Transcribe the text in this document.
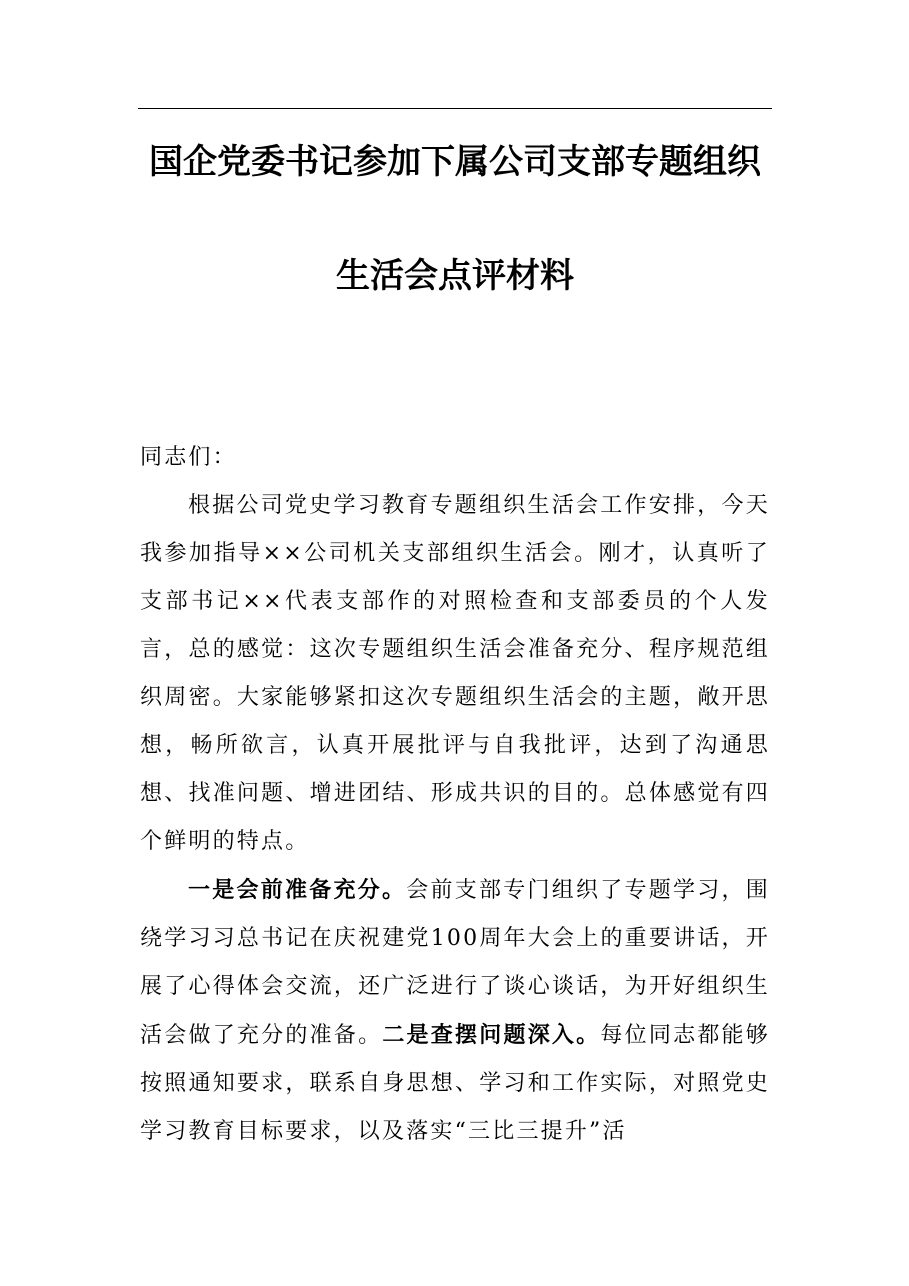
国企党委书记参加下属公司支部专题组织
生活会点评材料
同志们：
根据公司党史学习教育专题组织生活会工作安排，今天我参加指导××公司机关支部组织生活会。刚才，认真听了支部书记××代表支部作的对照检查和支部委员的个人发言，总的感觉：这次专题组织生活会准备充分、程序规范组织周密。大家能够紧扣这次专题组织生活会的主题，敞开思想，畅所欲言，认真开展批评与自我批评，达到了沟通思想、找准问题、增进团结、形成共识的目的。总体感觉有四个鲜明的特点。
一是会前准备充分。会前支部专门组织了专题学习，围绕学习习总书记在庆祝建党100周年大会上的重要讲话，开展了心得体会交流，还广泛进行了谈心谈话，为开好组织生活会做了充分的准备。二是查摆问题深入。每位同志都能够按照通知要求，联系自身思想、学习和工作实际，对照党史学习教育目标要求，以及落实“三比三提升”活
